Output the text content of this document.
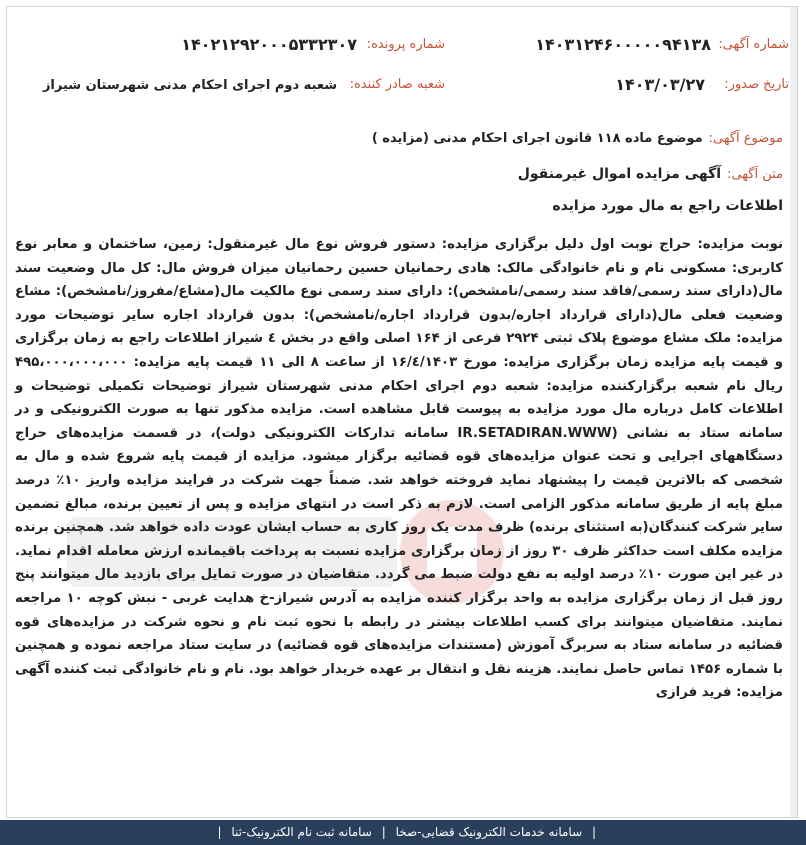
شماره آگهی:
۱۴۰۳۱۲۴۶۰۰۰۰۰۹۴۱۳۸
شماره پرونده:
۱۴۰۲۱۲۹۲۰۰۰۵۳۳۲۳۰۷
تاریخ صدور:
۱۴۰۳/۰۳/۲۷
شعبه صادر کننده:
شعبه دوم اجرای احکام مدنی شهرستان شیراز
موضوع آگهی:موضوع ماده ۱۱۸ قانون اجرای احکام مدنی (مزایده )
متن آگهی:آگهی مزایده اموال غیرمنقول
اطلاعات راجع به مال مورد مزایده
نوبت مزایده: حراج نوبت اول دلیل برگزاری مزایده: دستور فروش نوع مال غیرمنقول: زمین، ساختمان و معابر نوع کاربری: مسکونی نام و نام خانوادگی مالک: هادی رحمانیان حسین رحمانیان میزان فروش مال: کل مال وضعیت سند مال(دارای سند رسمی/فاقد سند رسمی/نامشخص): دارای سند رسمی نوع مالکیت مال(مشاع/مفروز/نامشخص): مشاع وضعیت فعلی مال(دارای قرارداد اجاره/بدون قرارداد اجاره/نامشخص): بدون قرارداد اجاره سایر توضیحات مورد مزایده: ملک مشاع موضوع پلاک ثبتی ۲۹۲۴ فرعی از ۱۶۴ اصلی واقع در بخش ٤ شیراز اطلاعات راجع به زمان برگزاری و قیمت پایه مزایده زمان برگزاری مزایده: مورخ ۱۶/٤/۱۴۰۳ از ساعت ۸ الی ۱۱ قیمت پایه مزایده: ۴۹۵،۰۰۰،۰۰۰،۰۰۰ ریال نام شعبه برگزارکننده مزایده: شعبه دوم اجرای احکام مدنی شهرستان شیراز توضیحات تکمیلی توضیحات و اطلاعات کامل درباره مال مورد مزایده به پیوست قابل مشاهده است. مزایده مذکور تنها به صورت الکترونیکی و در سامانه ستاد به نشانی (IR.SETADIRAN.WWW سامانه تدارکات الکترونیکی دولت)، در قسمت مزایده‌های حراج دستگاههای اجرایی و تحت عنوان مزایده‌های قوه قضائیه برگزار میشود. مزایده از قیمت پایه شروع شده و مال به شخصی که بالاترین قیمت را پیشنهاد نماید فروخته خواهد شد. ضمناً جهت شرکت در فرایند مزایده واریز ۱۰٪ درصد مبلغ پایه از طریق سامانه مذکور الزامی است. لازم به ذکر است در انتهای مزایده و پس از تعیین برنده، مبالغ تضمین سایر شرکت کنندگان(به استثنای برنده) ظرف مدت یک روز کاری به حساب ایشان عودت داده خواهد شد. همچنین برنده مزایده مکلف است حداکثر ظرف ۳۰ روز از زمان برگزاری مزایده نسبت به پرداخت باقیمانده ارزش معامله اقدام نماید. در غیر این صورت ۱۰٪ درصد اولیه به نفع دولت ضبط می گردد. متقاضیان در صورت تمایل برای بازدید مال میتوانند پنج روز قبل از زمان برگزاری مزایده به واحد برگزار کننده مزایده به آدرس شیراز-خ هدایت غربی - نبش کوچه ۱۰ مراجعه نمایند. متقاضیان میتوانند برای کسب اطلاعات بیشتر در رابطه با نحوه ثبت نام و نحوه شرکت در مزایده‌های قوه قضائیه در سامانه ستاد به سربرگ آموزش (مستندات مزایده‌های قوه قضائیه) در سایت ستاد مراجعه نموده و همچنین با شماره ۱۴۵۶ تماس حاصل نمایند. هزینه نقل و انتقال بر عهده خریدار خواهد بود. نام و نام خانوادگی ثبت کننده آگهی مزایده: فرید فرازی
| سامانه خدمات الکترونیک قضایی-صخا | سامانه ثبت نام الکترونیک-ثنا |
